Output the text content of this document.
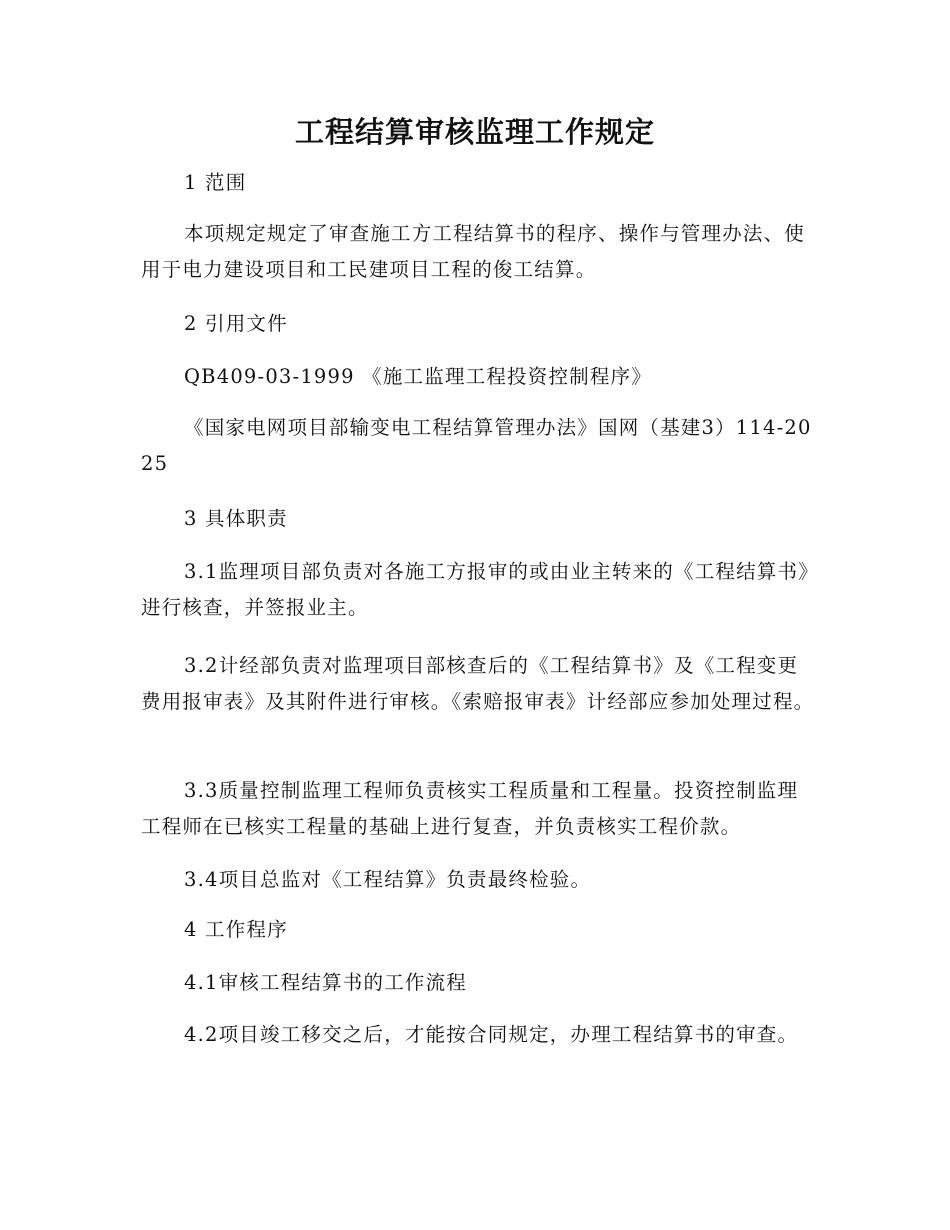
工程结算审核监理工作规定

1 范围

本项规定规定了审查施工方工程结算书的程序、操作与管理办法、使用于电力建设项目和工民建项目工程的俊工结算。

2 引用文件

QB409-03-1999 《施工监理工程投资控制程序》

《国家电网项目部输变电工程结算管理办法》国网（基建3）114-2025

3 具体职责

3.1监理项目部负责对各施工方报审的或由业主转来的《工程结算书》进行核查，并签报业主。

3.2计经部负责对监理项目部核查后的《工程结算书》及《工程变更费用报审表》及其附件进行审核。《索赔报审表》计经部应参加处理过程。

3.3质量控制监理工程师负责核实工程质量和工程量。投资控制监理工程师在已核实工程量的基础上进行复查，并负责核实工程价款。

3.4项目总监对《工程结算》负责最终检验。

4 工作程序

4.1审核工程结算书的工作流程

4.2项目竣工移交之后，才能按合同规定，办理工程结算书的审查。
